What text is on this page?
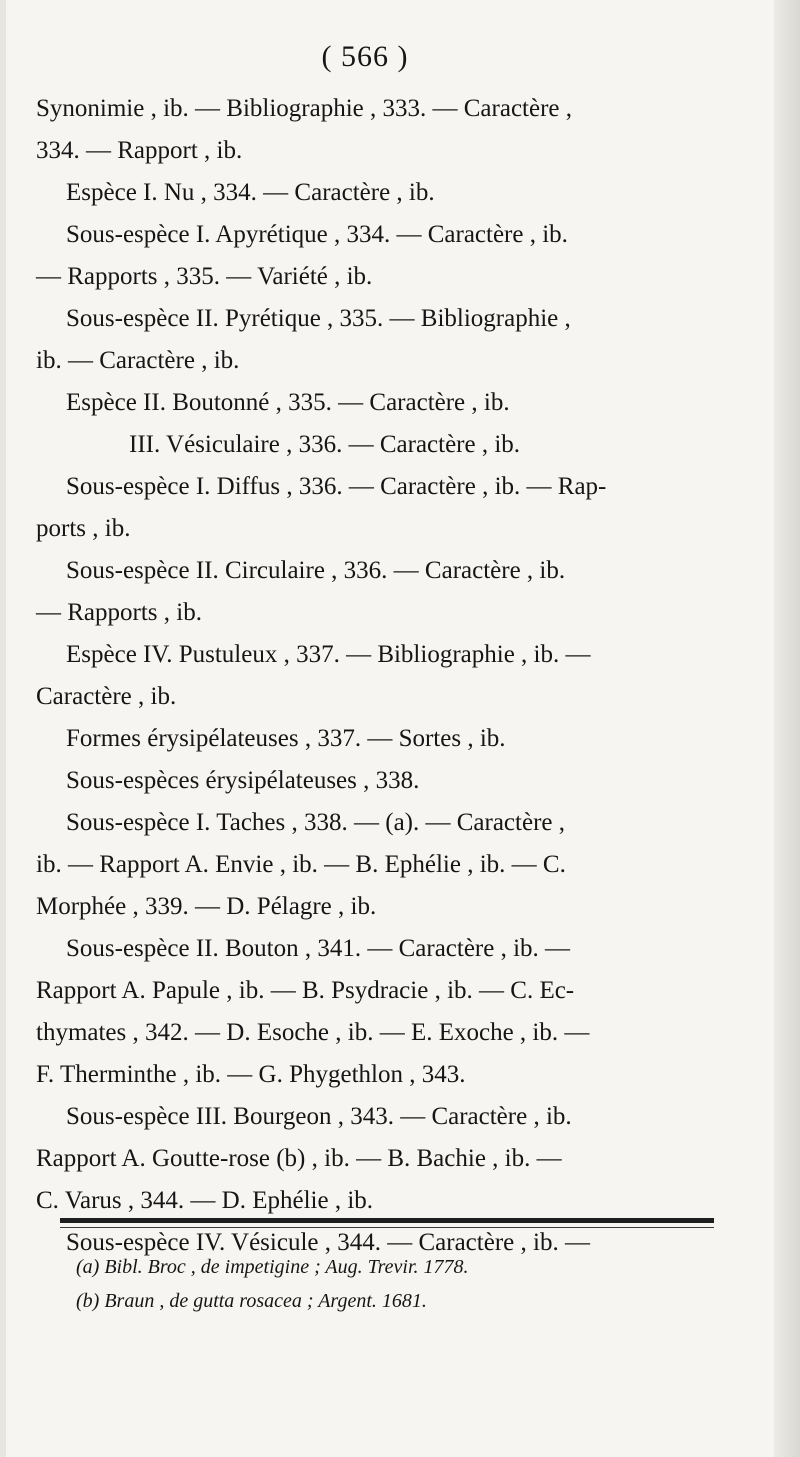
( 566 )
Synonimie , ib. — Bibliographie , 333. — Caractère ,
334. — Rapport , ib.
Espèce I. Nu , 334. — Caractère , ib.
Sous-espèce I. Apyrétique , 334. — Caractère , ib.
— Rapports , 335. — Variété , ib.
Sous-espèce II. Pyrétique , 335. — Bibliographie ,
ib. — Caractère , ib.
Espèce II. Boutonné , 335. — Caractère , ib.
III. Vésiculaire , 336. — Caractère , ib.
Sous-espèce I. Diffus , 336. — Caractère , ib. — Rap-
ports , ib.
Sous-espèce II. Circulaire , 336. — Caractère , ib.
— Rapports , ib.
Espèce IV. Pustuleux , 337. — Bibliographie , ib. —
Caractère , ib.
Formes érysipélateuses , 337. — Sortes , ib.
Sous-espèces érysipélateuses , 338.
Sous-espèce I. Taches , 338. — (a). — Caractère ,
ib. — Rapport A. Envie , ib. — B. Ephélie , ib. — C.
Morphée , 339. — D. Pélagre , ib.
Sous-espèce II. Bouton , 341. — Caractère , ib. —
Rapport A. Papule , ib. — B. Psydracie , ib. — C. Ec-
thymates , 342. — D. Esoche , ib. — E. Exoche , ib. —
F. Therminthe , ib. — G. Phygethlon , 343.
Sous-espèce III. Bourgeon , 343. — Caractère , ib.
Rapport A. Goutte-rose (b) , ib. — B. Bachie , ib. —
C. Varus , 344. — D. Ephélie , ib.
Sous-espèce IV. Vésicule , 344. — Caractère , ib. —
(a) Bibl. Broc , de impetigine ; Aug. Trevir. 1778.
(b) Braun , de gutta rosacea ; Argent. 1681.
